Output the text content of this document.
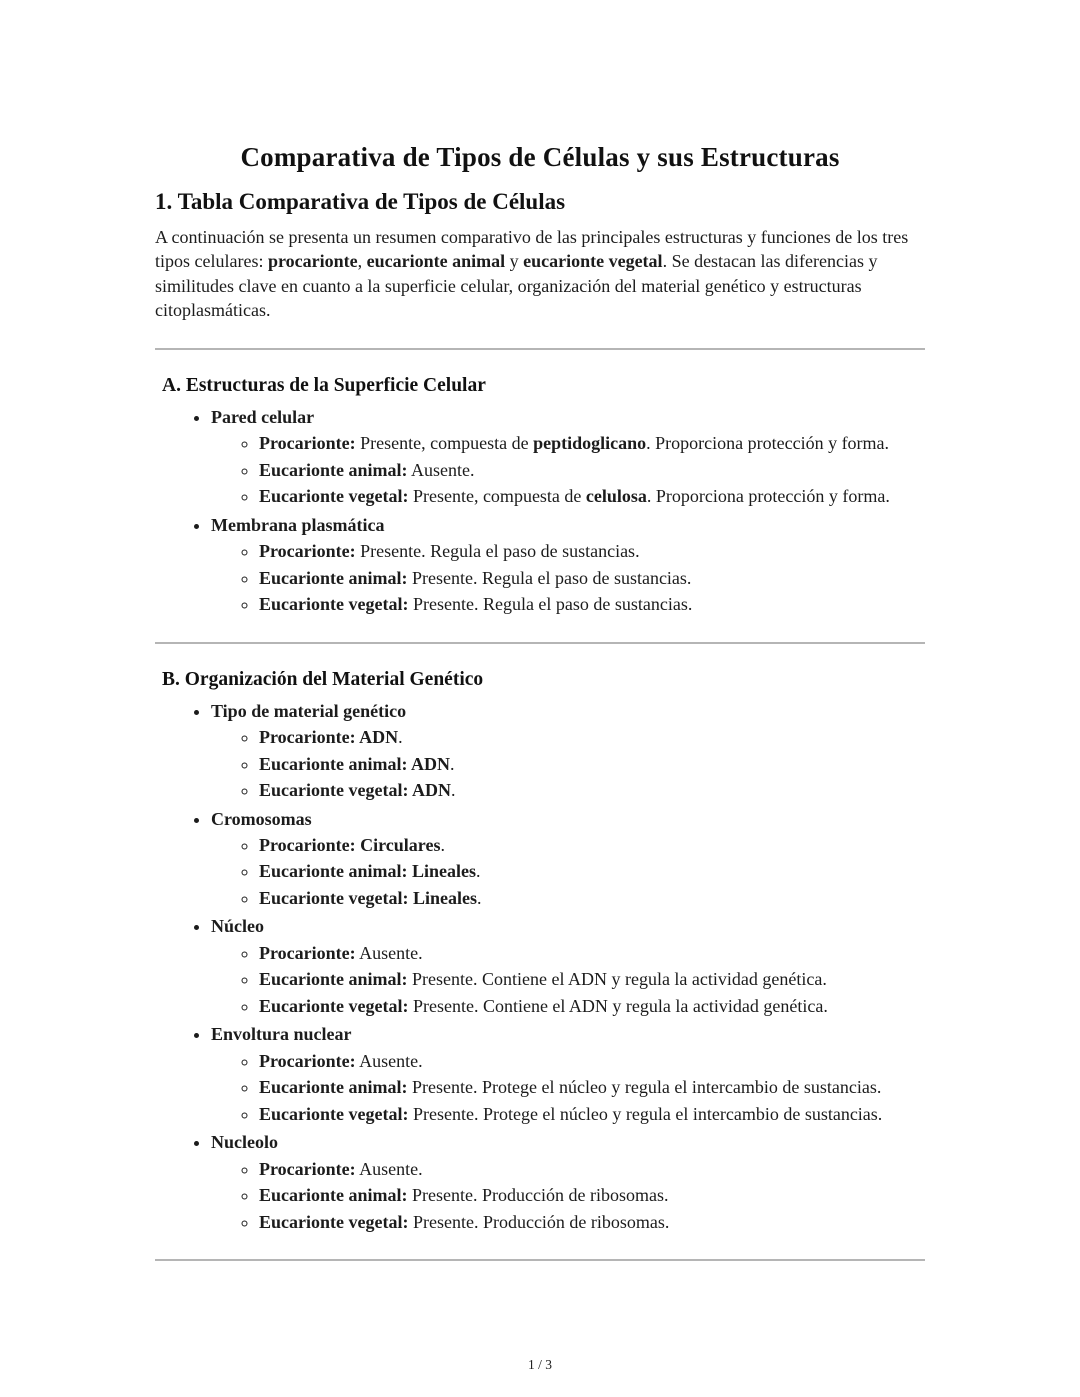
Comparativa de Tipos de Células y sus Estructuras
1. Tabla Comparativa de Tipos de Células

A continuación se presenta un resumen comparativo de las principales estructuras y funciones de los tres tipos celulares: procarionte, eucarionte animal y eucarionte vegetal. Se destacan las diferencias y similitudes clave en cuanto a la superficie celular, organización del material genético y estructuras citoplasmáticas.

A. Estructuras de la Superficie Celular
• Pared celular
◦ Procarionte: Presente, compuesta de peptidoglicano. Proporciona protección y forma.
◦ Eucarionte animal: Ausente.
◦ Eucarionte vegetal: Presente, compuesta de celulosa. Proporciona protección y forma.
• Membrana plasmática
◦ Procarionte: Presente. Regula el paso de sustancias.
◦ Eucarionte animal: Presente. Regula el paso de sustancias.
◦ Eucarionte vegetal: Presente. Regula el paso de sustancias.
B. Organización del Material Genético
• Tipo de material genético
◦ Procarionte: ADN.
◦ Eucarionte animal: ADN.
◦ Eucarionte vegetal: ADN.
• Cromosomas
◦ Procarionte: Circulares.
◦ Eucarionte animal: Lineales.
◦ Eucarionte vegetal: Lineales.
• Núcleo
◦ Procarionte: Ausente.
◦ Eucarionte animal: Presente. Contiene el ADN y regula la actividad genética.
◦ Eucarionte vegetal: Presente. Contiene el ADN y regula la actividad genética.
• Envoltura nuclear
◦ Procarionte: Ausente.
◦ Eucarionte animal: Presente. Protege el núcleo y regula el intercambio de sustancias.
◦ Eucarionte vegetal: Presente. Protege el núcleo y regula el intercambio de sustancias.
• Nucleolo
◦ Procarionte: Ausente.
◦ Eucarionte animal: Presente. Producción de ribosomas.
◦ Eucarionte vegetal: Presente. Producción de ribosomas.
1 / 3
